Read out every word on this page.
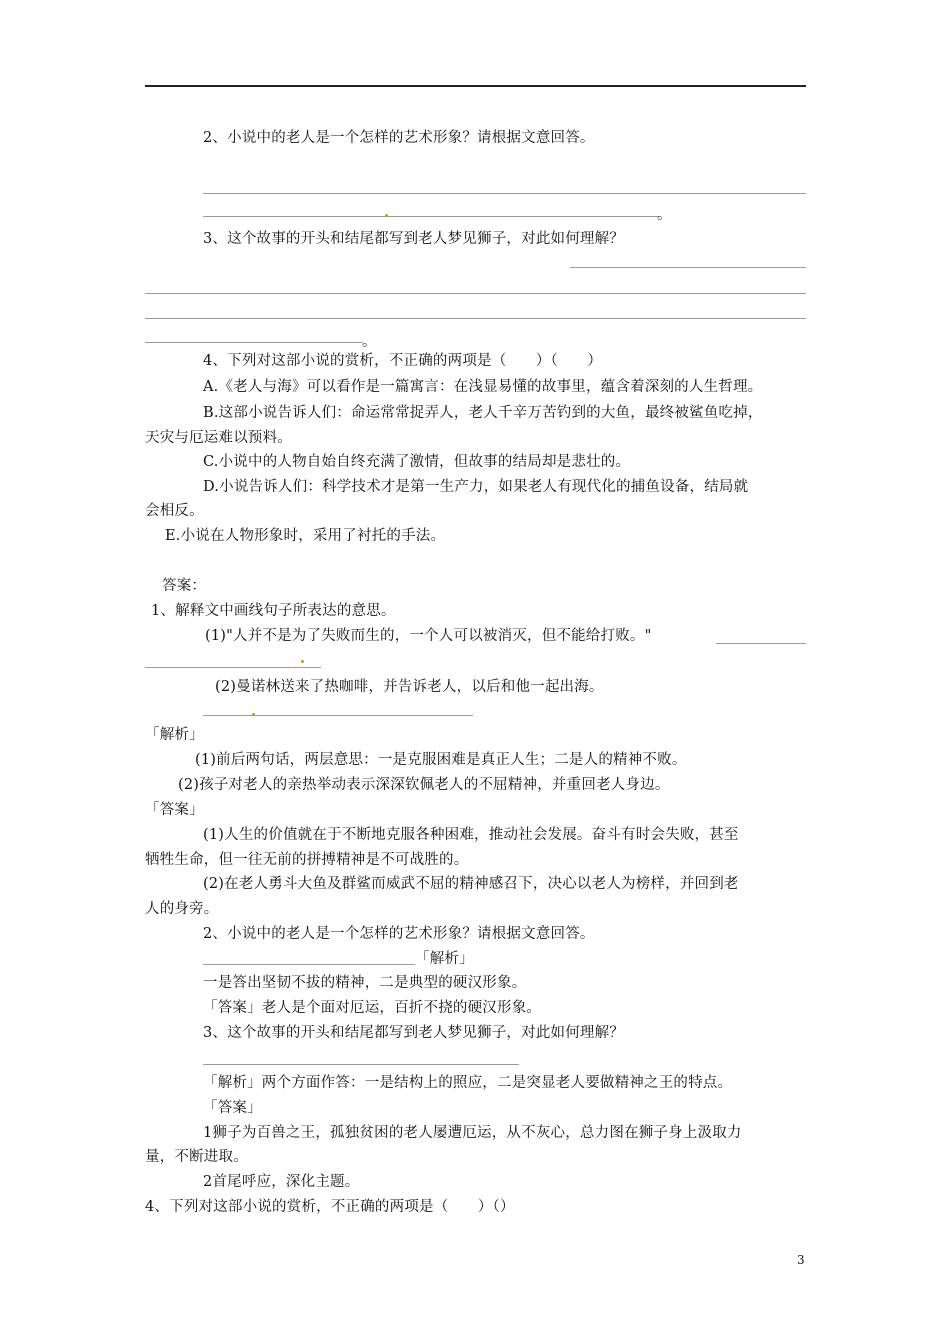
2、小说中的老人是一个怎样的艺术形象？请根据文意回答。
。
3、这个故事的开头和结尾都写到老人梦见狮子，对此如何理解？
。
4、下列对这部小说的赏析，不正确的两项是（　　）（　　）
A.《老人与海》可以看作是一篇寓言：在浅显易懂的故事里，蕴含着深刻的人生哲理。
B.这部小说告诉人们：命运常常捉弄人，老人千辛万苦钓到的大鱼，最终被鲨鱼吃掉，
天灾与厄运难以预料。
C.小说中的人物自始自终充满了激情，但故事的结局却是悲壮的。
D.小说告诉人们：科学技术才是第一生产力，如果老人有现代化的捕鱼设备，结局就
会相反。
E.小说在人物形象时，采用了衬托的手法。
答案：
1、解释文中画线句子所表达的意思。
(1)"人并不是为了失败而生的，一个人可以被消灭，但不能给打败。"
(2)曼诺林送来了热咖啡，并告诉老人，以后和他一起出海。
「解析」
(1)前后两句话，两层意思：一是克服困难是真正人生；二是人的精神不败。
(2)孩子对老人的亲热举动表示深深钦佩老人的不屈精神，并重回老人身边。
「答案」
(1)人生的价值就在于不断地克服各种困难，推动社会发展。奋斗有时会失败，甚至
牺牲生命，但一往无前的拼搏精神是不可战胜的。
(2)在老人勇斗大鱼及群鲨而威武不屈的精神感召下，决心以老人为榜样，并回到老
人的身旁。
2、小说中的老人是一个怎样的艺术形象？请根据文意回答。
「解析」
一是答出坚韧不拔的精神，二是典型的硬汉形象。
「答案」老人是个面对厄运，百折不挠的硬汉形象。
3、这个故事的开头和结尾都写到老人梦见狮子，对此如何理解？
「解析」两个方面作答：一是结构上的照应，二是突显老人要做精神之王的特点。
「答案」
1狮子为百兽之王，孤独贫困的老人屡遭厄运，从不灰心，总力图在狮子身上汲取力
量，不断进取。
2首尾呼应，深化主题。
4、下列对这部小说的赏析，不正确的两项是（　　）（）
3
